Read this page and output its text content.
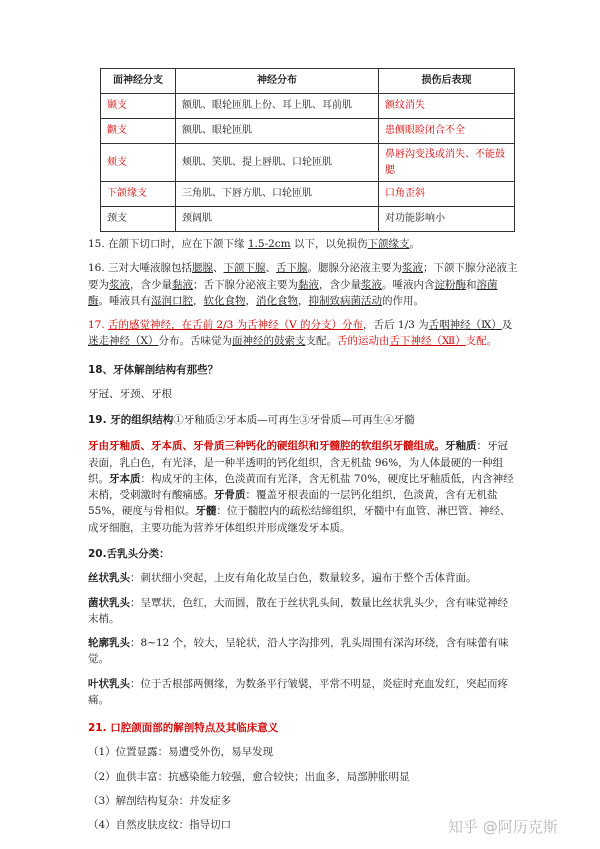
面神经分支	神经分布	损伤后表现
颞支	额肌、眼轮匝肌上份、耳上肌、耳前肌	额纹消失
颧支	额肌、眼轮匝肌	患侧眼睑闭合不全
颊支	颊肌、笑肌、提上唇肌、口轮匝肌	鼻唇沟变浅或消失、不能鼓腮
下颌缘支	三角肌、下唇方肌、口轮匝肌	口角歪斜
颈支	颈阔肌	对功能影响小

15. 在颌下切口时，应在下颌下缘 1.5-2cm 以下，以免损伤下颌缘支。

16. 三对大唾液腺包括腮腺、下颌下腺、舌下腺。腮腺分泌液主要为浆液；下颌下腺分泌液主要为浆液，含少量黏液；舌下腺分泌液主要为黏液，含少量浆液。唾液内含淀粉酶和溶菌酶。唾液具有湿润口腔，软化食物，消化食物，抑制致病菌活动的作用。

17. 舌的感觉神经，在舌前 2/3 为舌神经（V 的分支）分布，舌后 1/3 为舌咽神经（Ⅸ）及迷走神经（X）分布。舌味觉为面神经的鼓索支支配。舌的运动由舌下神经（Ⅻ）支配。

18、牙体解剖结构有那些？

牙冠、牙颈、牙根

19. 牙的组织结构①牙釉质②牙本质—可再生③牙骨质—可再生④牙髓

牙由牙釉质、牙本质、牙骨质三种钙化的硬组织和牙髓腔的软组织牙髓组成。牙釉质：牙冠表面，乳白色，有光泽，是一种半透明的钙化组织，含无机盐 96%，为人体最硬的一种组织。牙本质：构成牙的主体，色淡黄而有光泽，含无机盐 70%，硬度比牙釉质低，内含神经末梢，受刺激时有酸痛感。牙骨质：覆盖牙根表面的一层钙化组织，色淡黄，含有无机盐 55%，硬度与骨相似。牙髓：位于髓腔内的疏松结缔组织，牙髓中有血管、淋巴管、神经、成牙细胞，主要功能为营养牙体组织并形成继发牙本质。

20.舌乳头分类：

丝状乳头：刺状细小突起，上皮有角化故呈白色，数量较多，遍布于整个舌体背面。

菌状乳头：呈覃状，色红，大而圆，散在于丝状乳头间，数量比丝状乳头少，含有味觉神经末梢。

轮廓乳头：8~12 个，较大，呈轮状，沿人字沟排列，乳头周围有深沟环绕，含有味蕾有味觉。

叶状乳头：位于舌根部两侧缘，为数条平行皱襞，平常不明显，炎症时充血发红，突起而疼痛。

21. 口腔颌面部的解剖特点及其临床意义

（1）位置显露：易遭受外伤，易早发现

（2）血供丰富：抗感染能力较强，愈合较快；出血多，局部肿胀明显

（3）解剖结构复杂：并发症多

（4）自然皮肤皮纹：指导切口	知乎 @阿历克斯
